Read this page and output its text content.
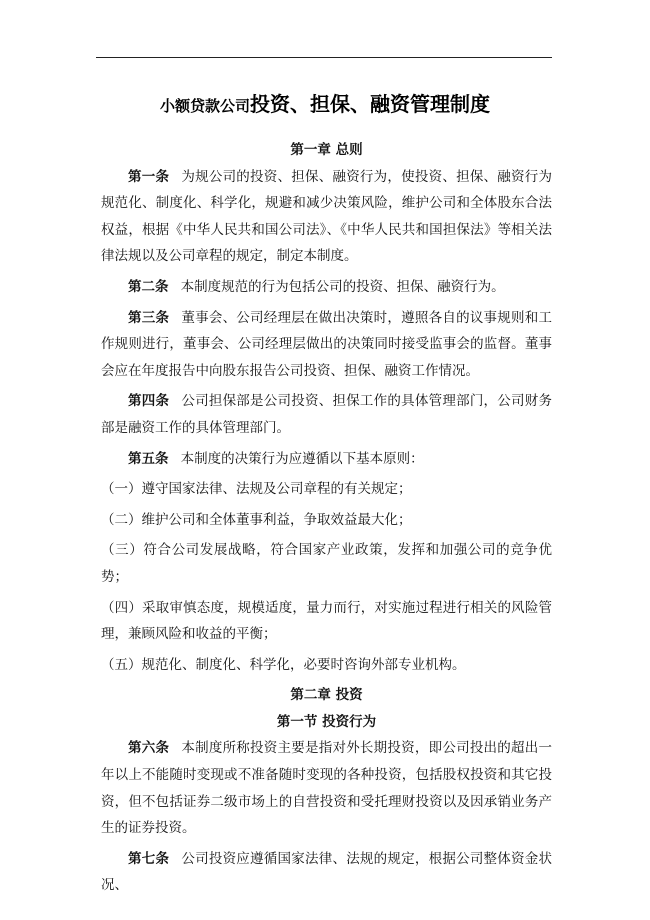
小额贷款公司投资、担保、融资管理制度
第一章 总则

第一条 为规公司的投资、担保、融资行为，使投资、担保、融资行为规范化、制度化、科学化，规避和减少决策风险，维护公司和全体股东合法权益，根据《中华人民共和国公司法》、《中华人民共和国担保法》等相关法律法规以及公司章程的规定，制定本制度。

第二条 本制度规范的行为包括公司的投资、担保、融资行为。

第三条 董事会、公司经理层在做出决策时，遵照各自的议事规则和工作规则进行，董事会、公司经理层做出的决策同时接受监事会的监督。董事会应在年度报告中向股东报告公司投资、担保、融资工作情况。

第四条 公司担保部是公司投资、担保工作的具体管理部门，公司财务部是融资工作的具体管理部门。

第五条 本制度的决策行为应遵循以下基本原则：

（一）遵守国家法律、法规及公司章程的有关规定；

（二）维护公司和全体董事利益，争取效益最大化；

（三）符合公司发展战略，符合国家产业政策，发挥和加强公司的竞争优势；

（四）采取审慎态度，规模适度，量力而行，对实施过程进行相关的风险管理，兼顾风险和收益的平衡；

（五）规范化、制度化、科学化，必要时咨询外部专业机构。

第二章 投资
第一节 投资行为

第六条 本制度所称投资主要是指对外长期投资，即公司投出的超出一年以上不能随时变现或不准备随时变现的各种投资，包括股权投资和其它投资，但不包括证券二级市场上的自营投资和受托理财投资以及因承销业务产生的证券投资。

第七条 公司投资应遵循国家法律、法规的规定，根据公司整体资金状况、
